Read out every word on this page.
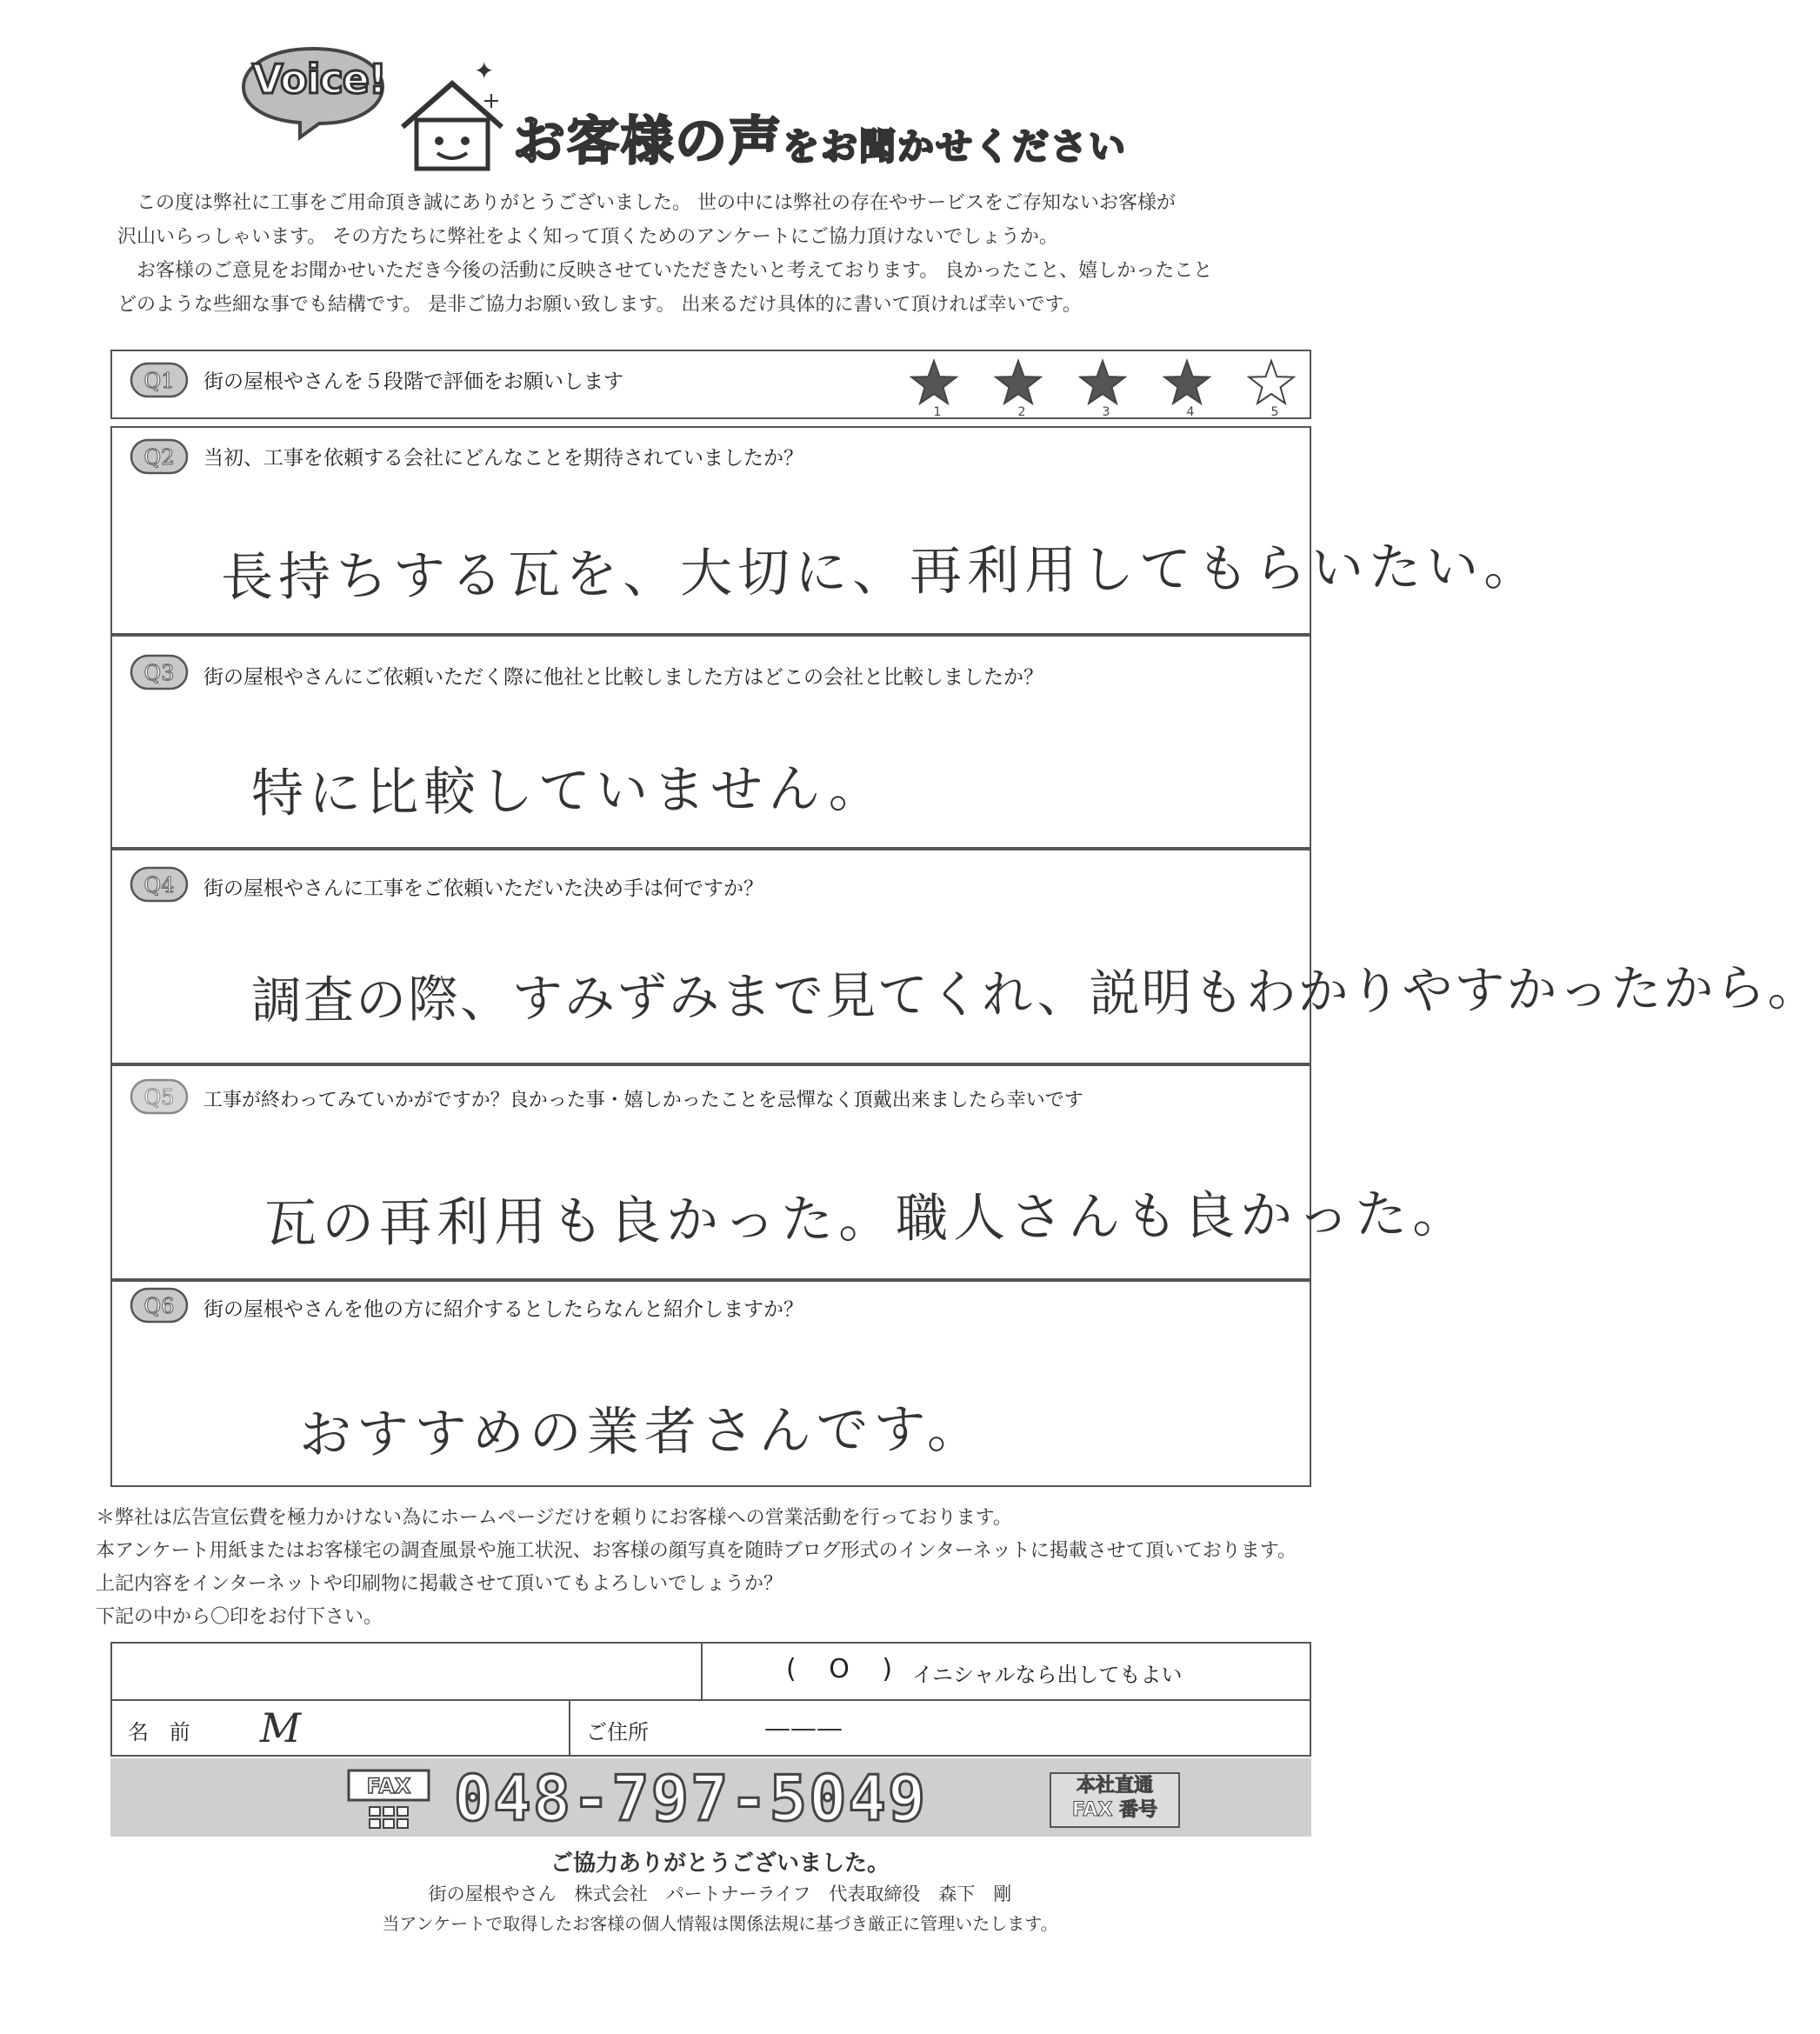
Voice!	✦
お客様の声をお聞かせください
この度は弊社に工事をご用命頂き誠にありがとうございました。 世の中には弊社の存在やサービスをご存知ないお客様が
沢山いらっしゃいます。 その方たちに弊社をよく知って頂くためのアンケートにご協力頂けないでしょうか。
お客様のご意見をお聞かせいただき今後の活動に反映させていただきたいと考えております。 良かったこと、嬉しかったこと
どのような些細な事でも結構です。 是非ご協力お願い致します。 出来るだけ具体的に書いて頂ければ幸いです。
Q1 街の屋根やさんを５段階で評価をお願いします
1	2	3	4	5
Q2 当初、工事を依頼する会社にどんなことを期待されていましたか？
長持ちする瓦を、大切に、再利用してもらいたい。
Q3 街の屋根やさんにご依頼いただく際に他社と比較しました方はどこの会社と比較しましたか？
特に比較していません。
Q4 街の屋根やさんに工事をご依頼いただいた決め手は何ですか？
調査の際、すみずみまで見てくれ、説明もわかりやすかったから。
Q5 工事が終わってみていかがですか？良かった事・嬉しかったことを忌憚なく頂戴出来ましたら幸いです
瓦の再利用も良かった。職人さんも良かった。
Q6 街の屋根やさんを他の方に紹介するとしたらなんと紹介しますか？
おすすめの業者さんです。
＊弊社は広告宣伝費を極力かけない為にホームページだけを頼りにお客様への営業活動を行っております。
本アンケート用紙またはお客様宅の調査風景や施工状況、お客様の顔写真を随時ブログ形式のインターネットに掲載させて頂いております。
上記内容をインターネットや印刷物に掲載させて頂いてもよろしいでしょうか？
下記の中から〇印をお付下さい。
( O ) イニシャルなら出してもよい
名 前 M	ご住所	———
FAX 048-797-5049	本社直通
FAX 番号
ご協力ありがとうございました。
街の屋根やさん　株式会社　パートナーライフ　代表取締役　森下　剛
当アンケートで取得したお客様の個人情報は関係法規に基づき厳正に管理いたします。
